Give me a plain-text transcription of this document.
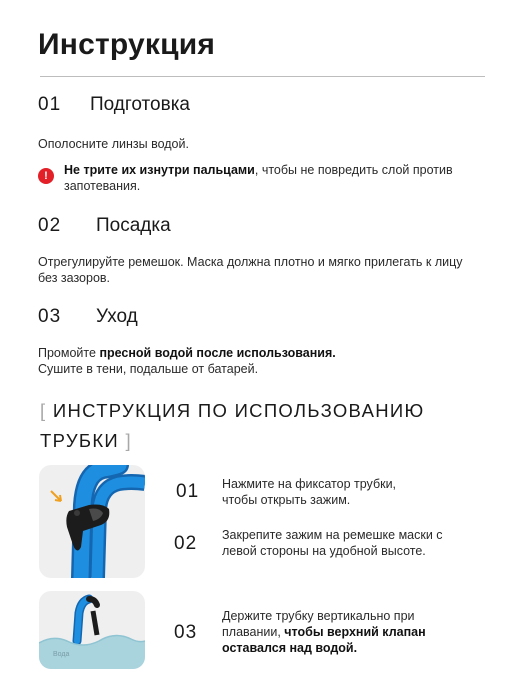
Инструкция
01	Подготовка
Ополосните линзы водой.
!	Не трите их изнутри пальцами, чтобы не повредить слой против запотевания.
02	Посадка
Отрегулируйте ремешок. Маска должна плотно и мягко прилегать к лицу без зазоров.
03	Уход
Промойте пресной водой после использования.
Сушите в тени, подальше от батарей.
[ ИНСТРУКЦИЯ ПО ИСПОЛЬЗОВАНИЮ ТРУБКИ ]
Вода
01 Нажмите на фиксатор трубки, чтобы открыть зажим.
02 Закрепите зажим на ремешке маски с левой стороны на удобной высоте.
03
Держите трубку вертикально при плавании, чтобы верхний клапан оставался над водой.
